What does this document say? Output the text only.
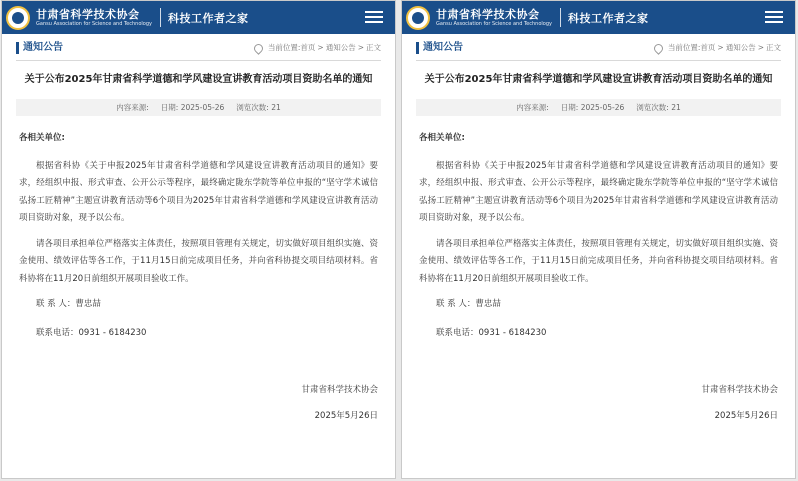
甘肃省科学技术协会
Gansu Association for Science and Technology 科技工作者之家
通知公告	当前位置: 首页 > 通知公告 > 正文
关于公布2025年甘肃省科学道德和学风建设宣讲教育活动项目资助名单的通知
内容来源: 日期: 2025-05-26 浏览次数: 21
各相关单位:

根据省科协《关于申报2025年甘肃省科学道德和学风建设宣讲教育活动项目的通知》要求，经组织申报、形式审查、公开公示等程序，最终确定陇东学院等单位申报的“坚守学术诚信 弘扬工匠精神”主题宣讲教育活动等6个项目为2025年甘肃省科学道德和学风建设宣讲教育活动项目资助对象，现予以公布。

请各项目承担单位严格落实主体责任，按照项目管理有关规定，切实做好项目组织实施、资金使用、绩效评估等各工作，于11月15日前完成项目任务，并向省科协提交项目结项材料。省科协将在11月20日前组织开展项目验收工作。

联 系 人：曹忠喆
联系电话：0931 - 6184230
甘肃省科学技术协会
2025年5月26日
甘肃省科学技术协会
Gansu Association for Science and Technology 科技工作者之家
通知公告	当前位置: 首页 > 通知公告 > 正文
关于公布2025年甘肃省科学道德和学风建设宣讲教育活动项目资助名单的通知
内容来源: 日期: 2025-05-26 浏览次数: 21
各相关单位:

根据省科协《关于申报2025年甘肃省科学道德和学风建设宣讲教育活动项目的通知》要求，经组织申报、形式审查、公开公示等程序，最终确定陇东学院等单位申报的“坚守学术诚信 弘扬工匠精神”主题宣讲教育活动等6个项目为2025年甘肃省科学道德和学风建设宣讲教育活动项目资助对象，现予以公布。

请各项目承担单位严格落实主体责任，按照项目管理有关规定，切实做好项目组织实施、资金使用、绩效评估等各工作，于11月15日前完成项目任务，并向省科协提交项目结项材料。省科协将在11月20日前组织开展项目验收工作。

联 系 人：曹忠喆
联系电话：0931 - 6184230
甘肃省科学技术协会
2025年5月26日
